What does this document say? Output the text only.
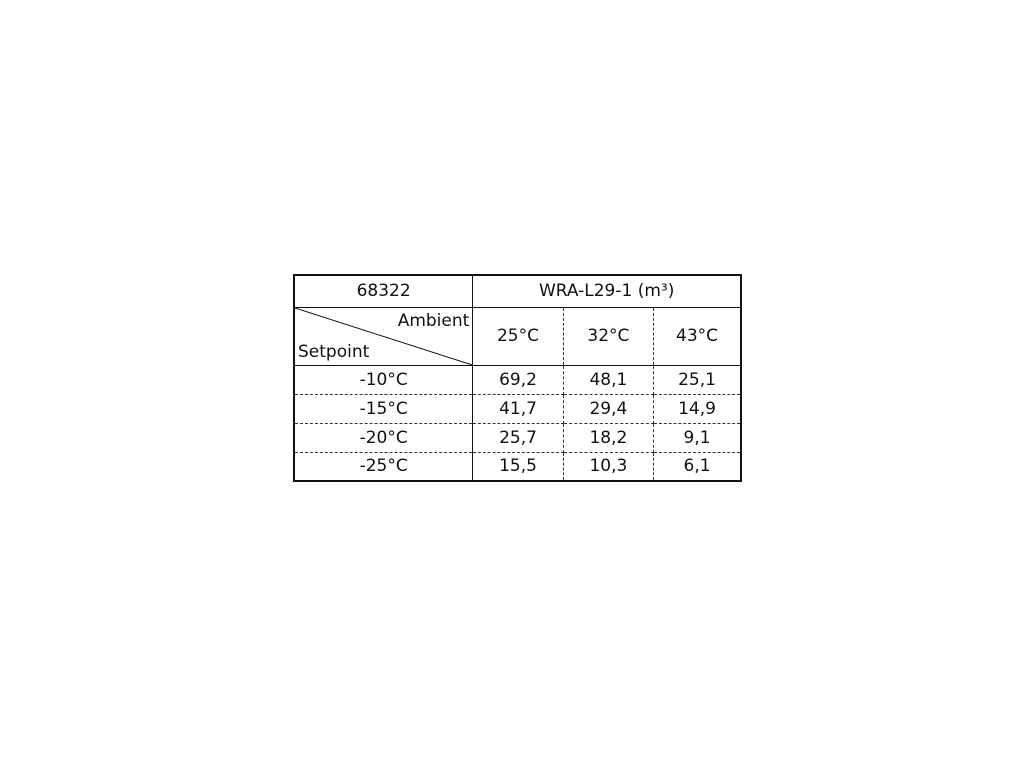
68322	WRA-L29-1 (m³)		

Ambient
Setpoint	25°C	32°C	43°C
-10°C	69,2	48,1	25,1
-15°C	41,7	29,4	14,9
-20°C	25,7	18,2	9,1
-25°C	15,5	10,3	6,1
